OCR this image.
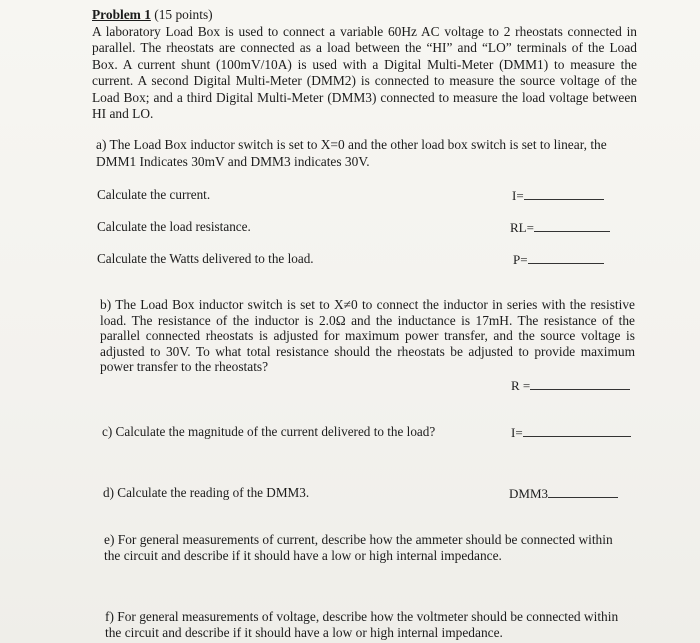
Problem 1 (15 points)

A laboratory Load Box is used to connect a variable 60Hz AC voltage to 2 rheostats connected in parallel. The rheostats are connected as a load between the “HI” and “LO” terminals of the Load Box. A current shunt (100mV/10A) is used with a Digital Multi-Meter (DMM1) to measure the current. A second Digital Multi-Meter (DMM2) is connected to measure the source voltage of the Load Box; and a third Digital Multi-Meter (DMM3) connected to measure the load voltage between HI and LO.

a) The Load Box inductor switch is set to X=0 and the other load box switch is set to linear, the DMM1 Indicates 30mV and DMM3 indicates 30V.
Calculate the current.	I=
Calculate the load resistance.	RL=
Calculate the Watts delivered to the load.	P=
b) The Load Box inductor switch is set to X≠0 to connect the inductor in series with the resistive load. The resistance of the inductor is 2.0Ω and the inductance is 17mH. The resistance of the parallel connected rheostats is adjusted for maximum power transfer, and the source voltage is adjusted to 30V. To what total resistance should the rheostats be adjusted to provide maximum power transfer to the rheostats?
R =
c) Calculate the magnitude of the current delivered to the load?	I=
d) Calculate the reading of the DMM3.	DMM3
e) For general measurements of current, describe how the ammeter should be connected within the circuit and describe if it should have a low or high internal impedance.
f) For general measurements of voltage, describe how the voltmeter should be connected within the circuit and describe if it should have a low or high internal impedance.
